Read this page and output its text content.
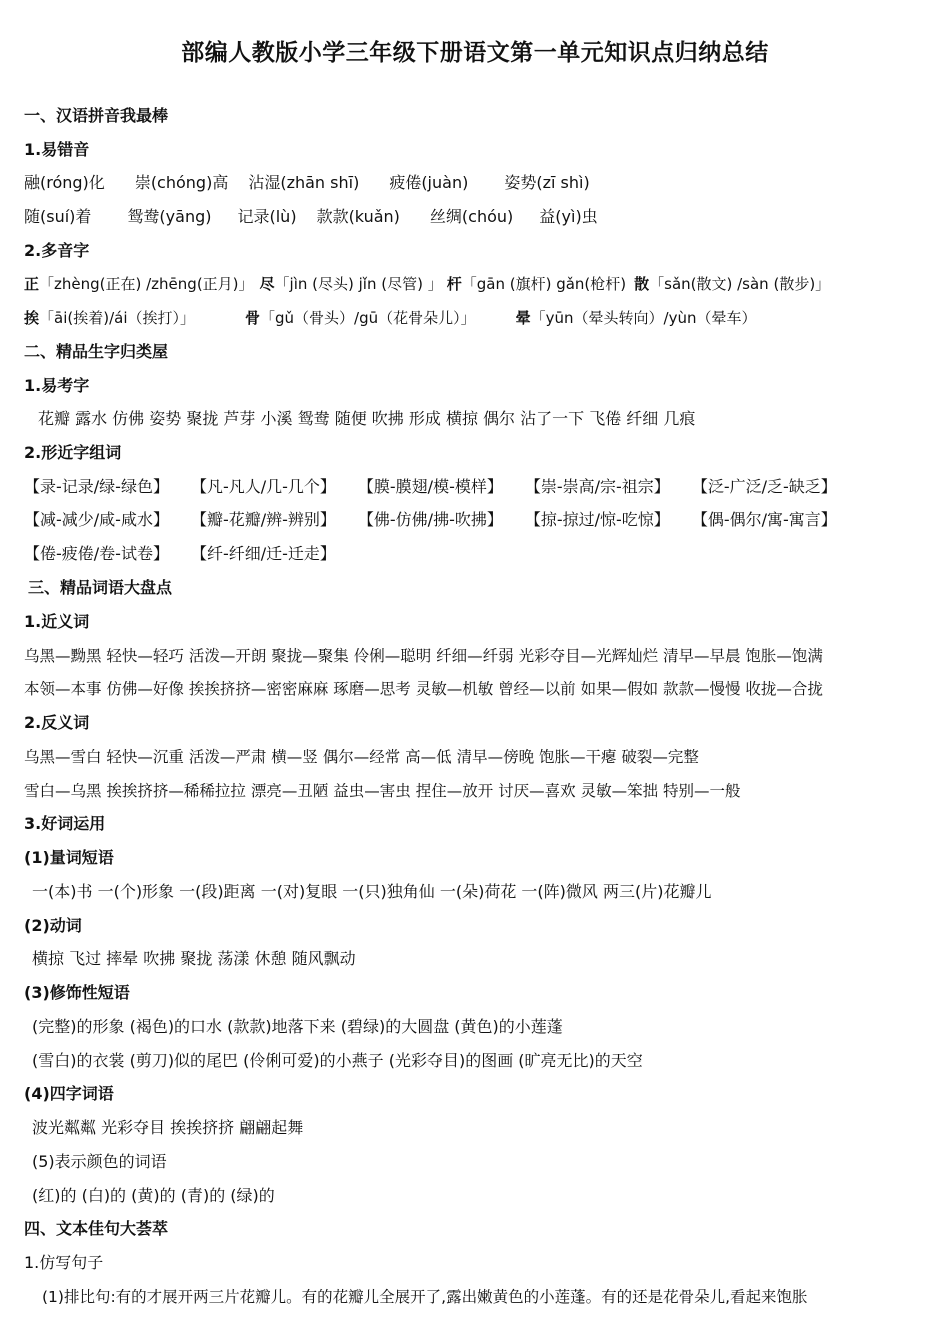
部编人教版小学三年级下册语文第一单元知识点归纳总结
一、汉语拼音我最棒
1.易错音
融(róng)化 崇(chóng)高 沾湿(zhān shī) 疲倦(juàn) 姿势(zī shì)
随(suí)着 鸳鸯(yāng) 记录(lù) 款款(kuǎn) 丝绸(chóu) 益(yì)虫
2.多音字
正「zhèng(正在) /zhēng(正月)」 尽「jìn (尽头) jǐn (尽管) 」 杆「gān (旗杆) gǎn(枪杆) 散「sǎn(散文) /sàn (散步)」
挨「āi(挨着)/ái（挨打）」	骨「gǔ（骨头）/gū（花骨朵儿）」	晕「yūn（晕头转向）/yùn（晕车）
二、精品生字归类屋
1.易考字
花瓣 露水 仿佛 姿势 聚拢 芦芽 小溪 鸳鸯 随便 吹拂 形成 横掠 偶尔 沾了一下 飞倦 纤细 几痕
2.形近字组词
【录-记录/绿-绿色】 【凡-凡人/几-几个】 【膜-膜翅/模-模样】 【崇-崇高/宗-祖宗】 【泛-广泛/乏-缺乏】
【减-减少/咸-咸水】 【瓣-花瓣/辨-辨别】 【佛-仿佛/拂-吹拂】 【掠-掠过/惊-吃惊】 【偶-偶尔/寓-寓言】
【倦-疲倦/卷-试卷】 【纤-纤细/迁-迁走】
三、精品词语大盘点
1.近义词
乌黑—黝黑 轻快—轻巧 活泼—开朗 聚拢—聚集 伶俐—聪明 纤细—纤弱 光彩夺目—光辉灿烂 清早—早晨 饱胀—饱满
本领—本事 仿佛—好像 挨挨挤挤—密密麻麻 琢磨—思考 灵敏—机敏 曾经—以前 如果—假如 款款—慢慢 收拢—合拢
2.反义词
乌黑—雪白 轻快—沉重 活泼—严肃 横—竖 偶尔—经常 高—低 清早—傍晚 饱胀—干瘪 破裂—完整
雪白—乌黑 挨挨挤挤—稀稀拉拉 漂亮—丑陋 益虫—害虫 捏住—放开 讨厌—喜欢 灵敏—笨拙 特别—一般
3.好词运用
(1)量词短语
一(本)书 一(个)形象 一(段)距离 一(对)复眼 一(只)独角仙 一(朵)荷花 一(阵)微风 两三(片)花瓣儿
(2)动词
横掠 飞过 摔晕 吹拂 聚拢 荡漾 休憩 随风飘动
(3)修饰性短语
(完整)的形象 (褐色)的口水 (款款)地落下来 (碧绿)的大圆盘 (黄色)的小莲蓬
(雪白)的衣裳 (剪刀)似的尾巴 (伶俐可爱)的小燕子 (光彩夺目)的图画 (旷亮无比)的天空
(4)四字词语
波光粼粼 光彩夺目 挨挨挤挤 翩翩起舞
(5)表示颜色的词语
(红)的 (白)的 (黄)的 (青)的 (绿)的
四、文本佳句大荟萃
1.仿写句子
(1)排比句:有的才展开两三片花瓣儿。有的花瓣儿全展开了,露出嫩黄色的小莲蓬。有的还是花骨朵儿,看起来饱胀
